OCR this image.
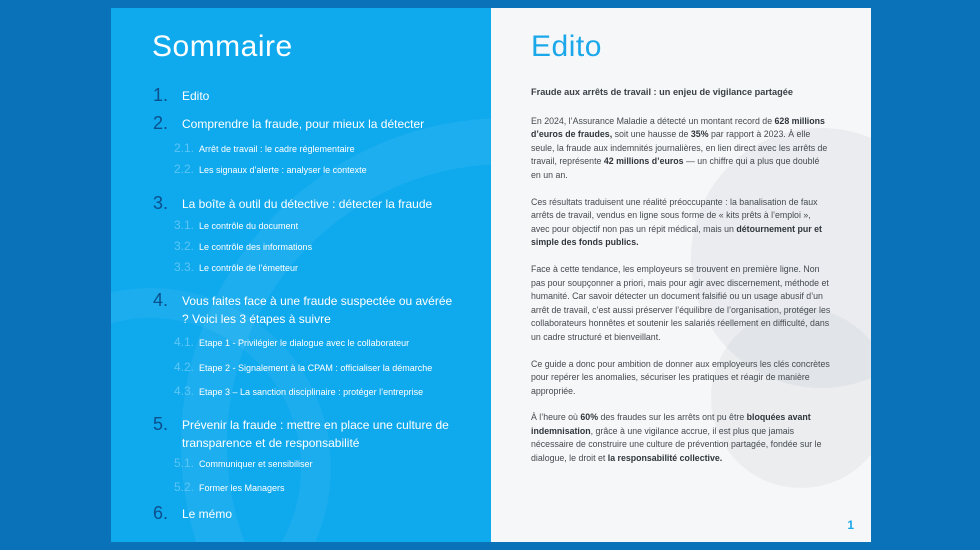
Sommaire
1.	Edito
2.	Comprendre la fraude, pour mieux la détecter
2.1. Arrêt de travail : le cadre réglementaire
2.2. Les signaux d’alerte : analyser le contexte
3.	La boîte à outil du détective : détecter la fraude
3.1. Le contrôle du document
3.2. Le contrôle des informations
3.3. Le contrôle de l’émetteur
4.	Vous faites face à une fraude suspectée ou avérée ? Voici les 3 étapes à suivre
4.1. Etape 1 - Privilégier le dialogue avec le collaborateur
4.2. Etape 2 - Signalement à la CPAM : officialiser la démarche
4.3. Etape 3 – La sanction disciplinaire : protéger l’entreprise
5.	Prévenir la fraude : mettre en place une culture de transparence et de responsabilité
5.1. Communiquer et sensibiliser
5.2. Former les Managers
6.	Le mémo
Edito

Fraude aux arrêts de travail : un enjeu de vigilance partagée

En 2024, l’Assurance Maladie a détecté un montant record de 628 millions d’euros de fraudes, soit une hausse de 35% par rapport à 2023. À elle seule, la fraude aux indemnités journalières, en lien direct avec les arrêts de travail, représente 42 millions d’euros — un chiffre qui a plus que doublé en un an.

Ces résultats traduisent une réalité préoccupante : la banalisation de faux arrêts de travail, vendus en ligne sous forme de « kits prêts à l’emploi », avec pour objectif non pas un répit médical, mais un détournement pur et simple des fonds publics.

Face à cette tendance, les employeurs se trouvent en première ligne. Non pas pour soupçonner a priori, mais pour agir avec discernement, méthode et humanité. Car savoir détecter un document falsifié ou un usage abusif d’un arrêt de travail, c’est aussi préserver l’équilibre de l’organisation, protéger les collaborateurs honnêtes et soutenir les salariés réellement en difficulté, dans un cadre structuré et bienveillant.

Ce guide a donc pour ambition de donner aux employeurs les clés concrètes pour repérer les anomalies, sécuriser les pratiques et réagir de manière appropriée.

À l’heure où 60% des fraudes sur les arrêts ont pu être bloquées avant indemnisation, grâce à une vigilance accrue, il est plus que jamais nécessaire de construire une culture de prévention partagée, fondée sur le dialogue, le droit et la responsabilité collective.

1
